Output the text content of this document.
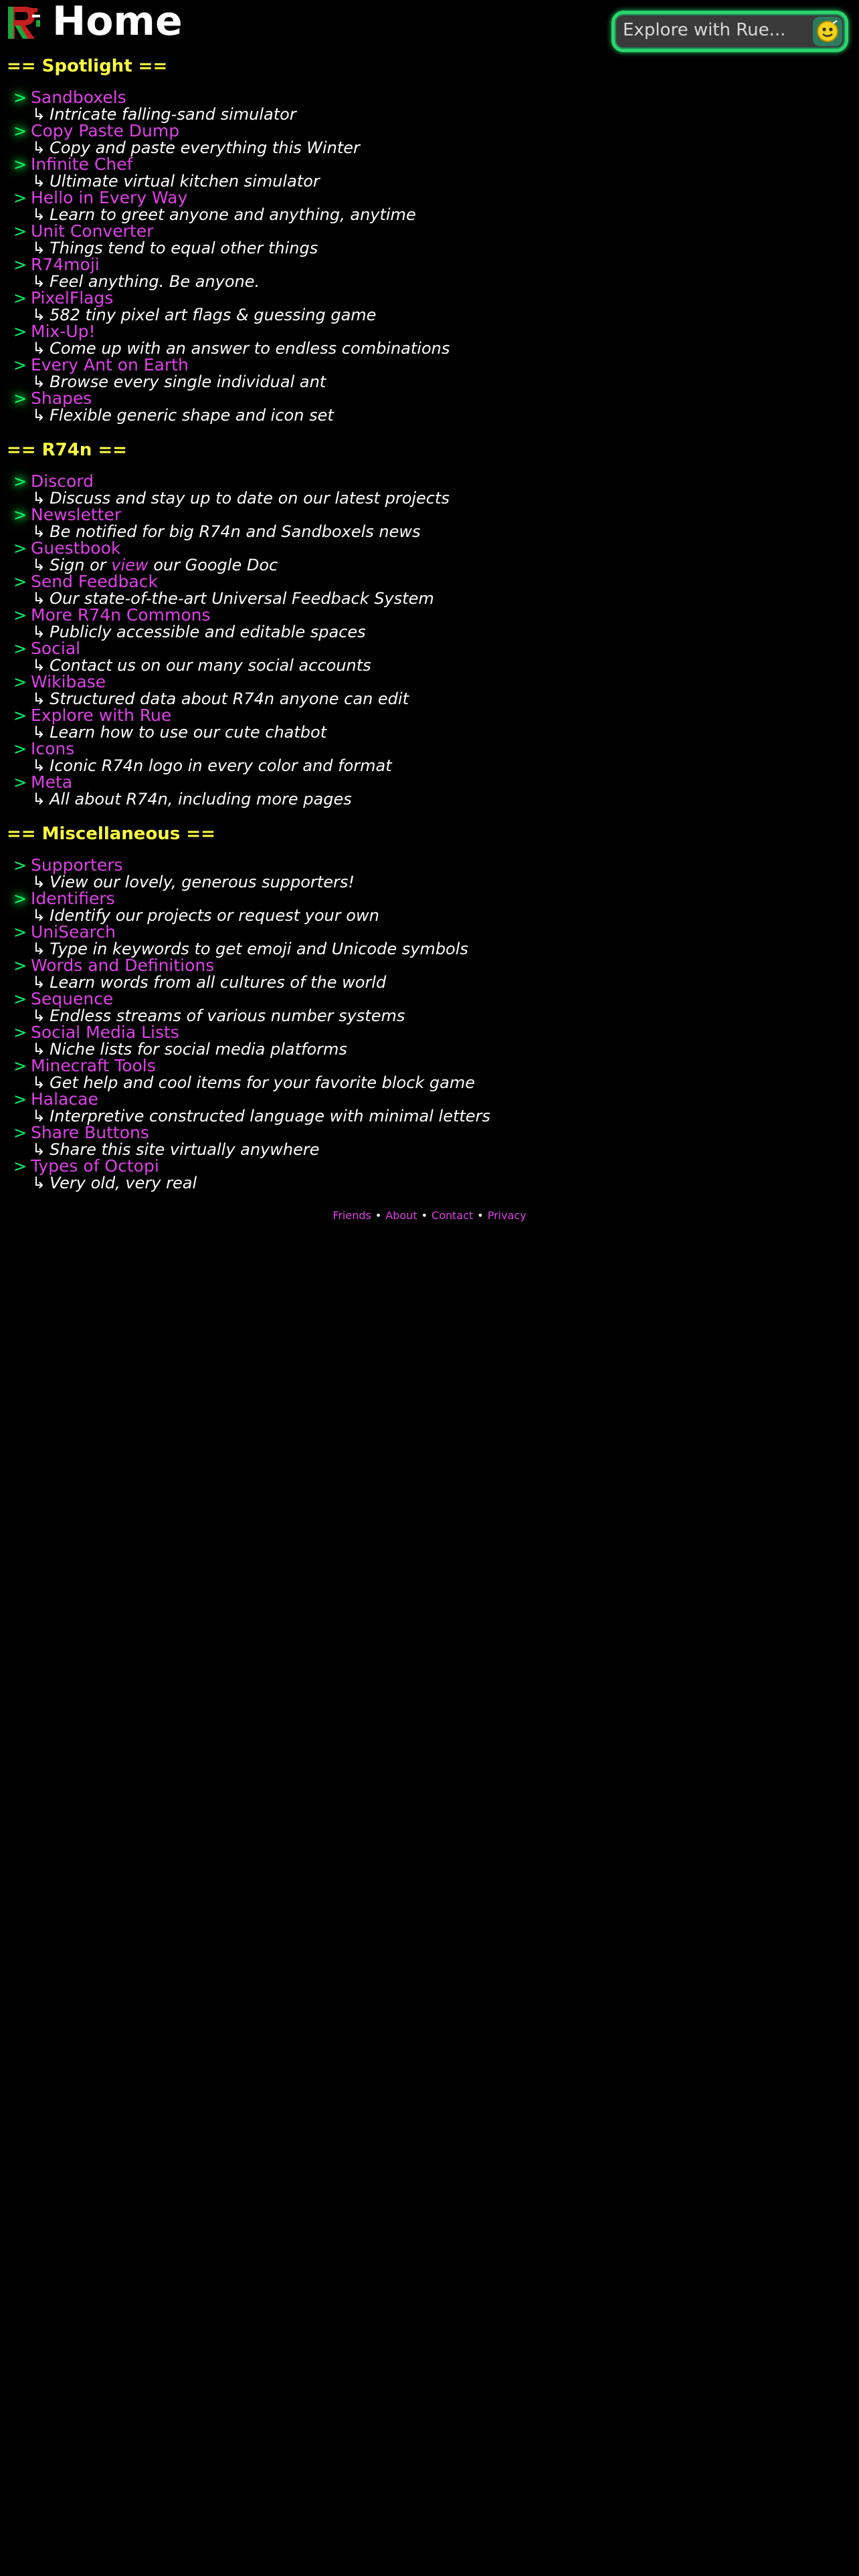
Home
Explore with Rue...
== Spotlight ==
> Sandboxels
↳ Intricate falling-sand simulator
> Copy Paste Dump
↳ Copy and paste everything this Winter
> Infinite Chef
↳ Ultimate virtual kitchen simulator
> Hello in Every Way
↳ Learn to greet anyone and anything, anytime
> Unit Converter
↳ Things tend to equal other things
> R74moji
↳ Feel anything. Be anyone.
> PixelFlags
↳ 582 tiny pixel art flags & guessing game
> Mix-Up!
↳ Come up with an answer to endless combinations
> Every Ant on Earth
↳ Browse every single individual ant
> Shapes
↳ Flexible generic shape and icon set
== R74n ==
> Discord
↳ Discuss and stay up to date on our latest projects
> Newsletter
↳ Be notified for big R74n and Sandboxels news
> Guestbook
↳ Sign or view our Google Doc
> Send Feedback
↳ Our state-of-the-art Universal Feedback System
> More R74n Commons
↳ Publicly accessible and editable spaces
> Social
↳ Contact us on our many social accounts
> Wikibase
↳ Structured data about R74n anyone can edit
> Explore with Rue
↳ Learn how to use our cute chatbot
> Icons
↳ Iconic R74n logo in every color and format
> Meta
↳ All about R74n, including more pages
== Miscellaneous ==
> Supporters
↳ View our lovely, generous supporters!
> Identifiers
↳ Identify our projects or request your own
> UniSearch
↳ Type in keywords to get emoji and Unicode symbols
> Words and Definitions
↳ Learn words from all cultures of the world
> Sequence
↳ Endless streams of various number systems
> Social Media Lists
↳ Niche lists for social media platforms
> Minecraft Tools
↳ Get help and cool items for your favorite block game
> Halacae
↳ Interpretive constructed language with minimal letters
> Share Buttons
↳ Share this site virtually anywhere
> Types of Octopi
↳ Very old, very real
Friends • About • Contact • Privacy
